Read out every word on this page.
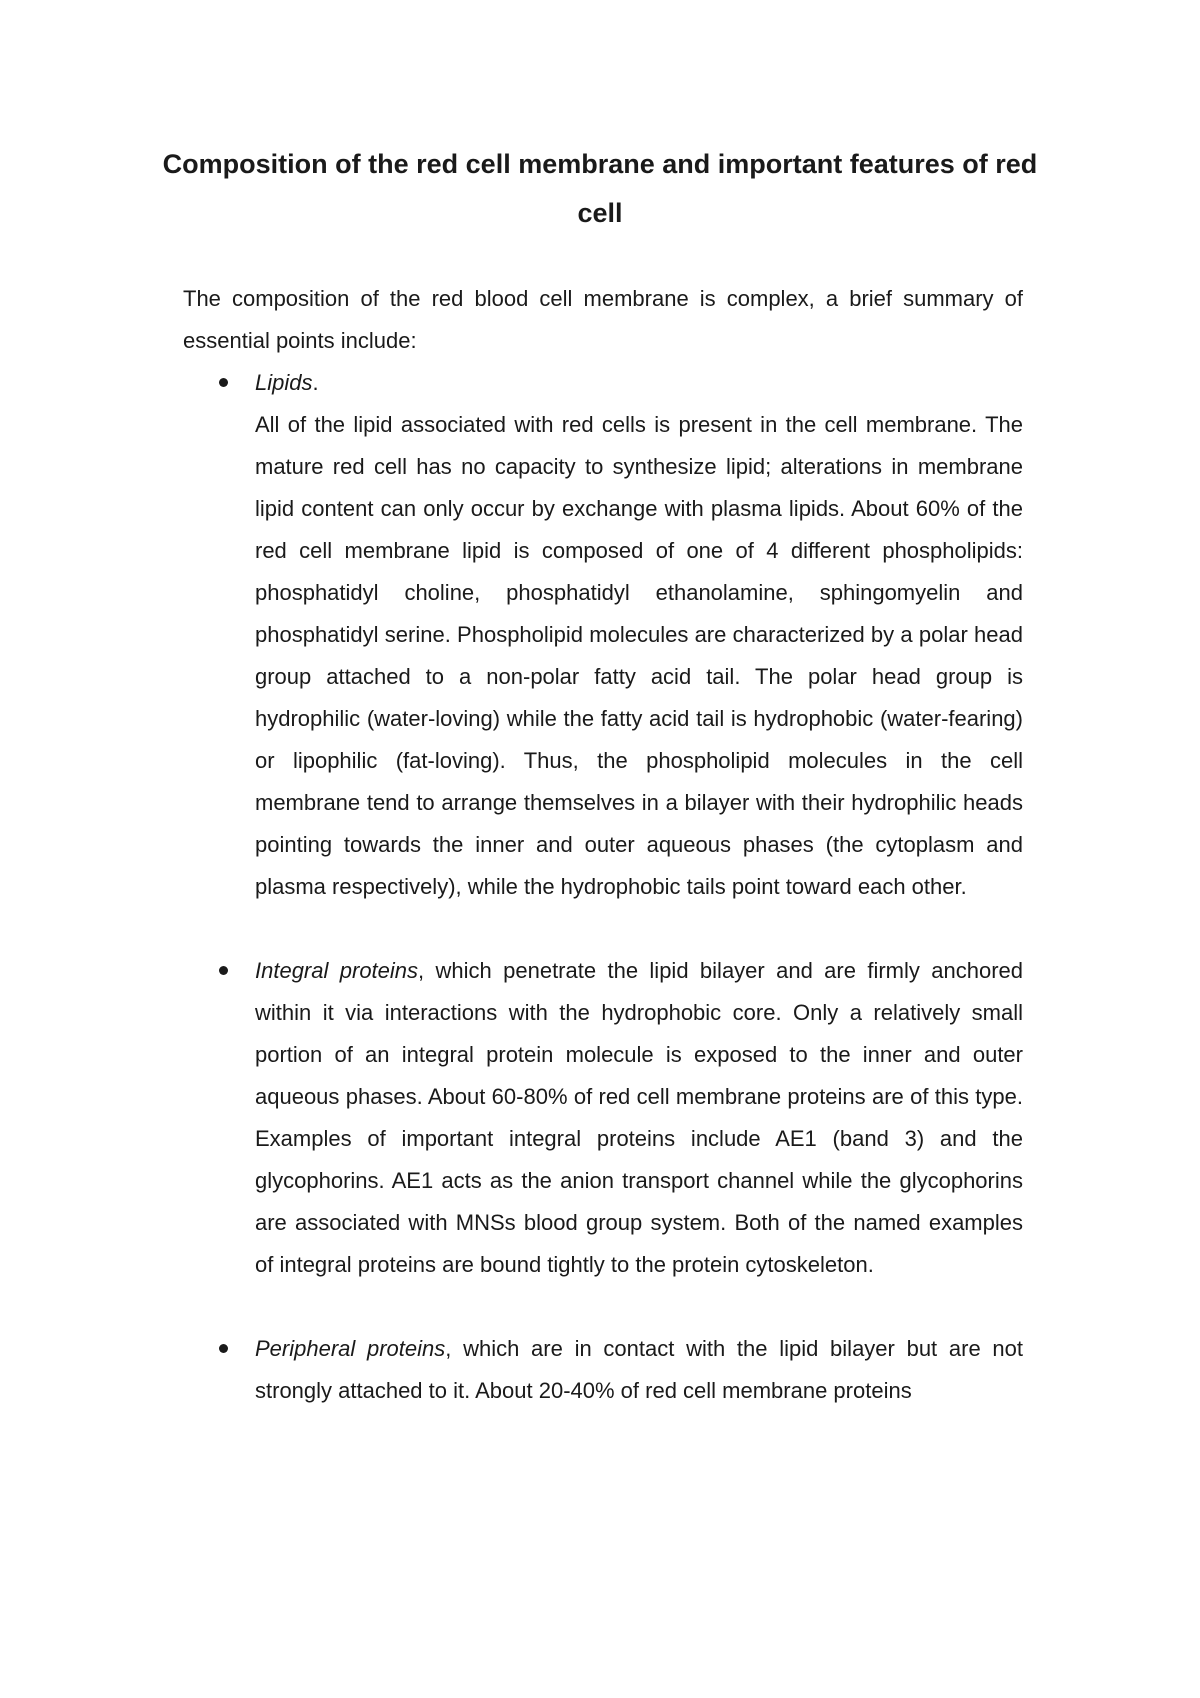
Composition of the red cell membrane and important features of red cell

The composition of the red blood cell membrane is complex, a brief summary of essential points include:

Lipids.
All of the lipid associated with red cells is present in the cell membrane. The mature red cell has no capacity to synthesize lipid; alterations in membrane lipid content can only occur by exchange with plasma lipids. About 60% of the red cell membrane lipid is composed of one of 4 different phospholipids: phosphatidyl choline, phosphatidyl ethanolamine, sphingomyelin and phosphatidyl serine. Phospholipid molecules are characterized by a polar head group attached to a non-polar fatty acid tail. The polar head group is hydrophilic (water-loving) while the fatty acid tail is hydrophobic (water-fearing) or lipophilic (fat-loving). Thus, the phospholipid molecules in the cell membrane tend to arrange themselves in a bilayer with their hydrophilic heads pointing towards the inner and outer aqueous phases (the cytoplasm and plasma respectively), while the hydrophobic tails point toward each other.
Integral proteins, which penetrate the lipid bilayer and are firmly anchored within it via interactions with the hydrophobic core. Only a relatively small portion of an integral protein molecule is exposed to the inner and outer aqueous phases. About 60-80% of red cell membrane proteins are of this type. Examples of important integral proteins include AE1 (band 3) and the glycophorins. AE1 acts as the anion transport channel while the glycophorins are associated with MNSs blood group system. Both of the named examples of integral proteins are bound tightly to the protein cytoskeleton.
Peripheral proteins, which are in contact with the lipid bilayer but are not strongly attached to it. About 20-40% of red cell membrane proteins
